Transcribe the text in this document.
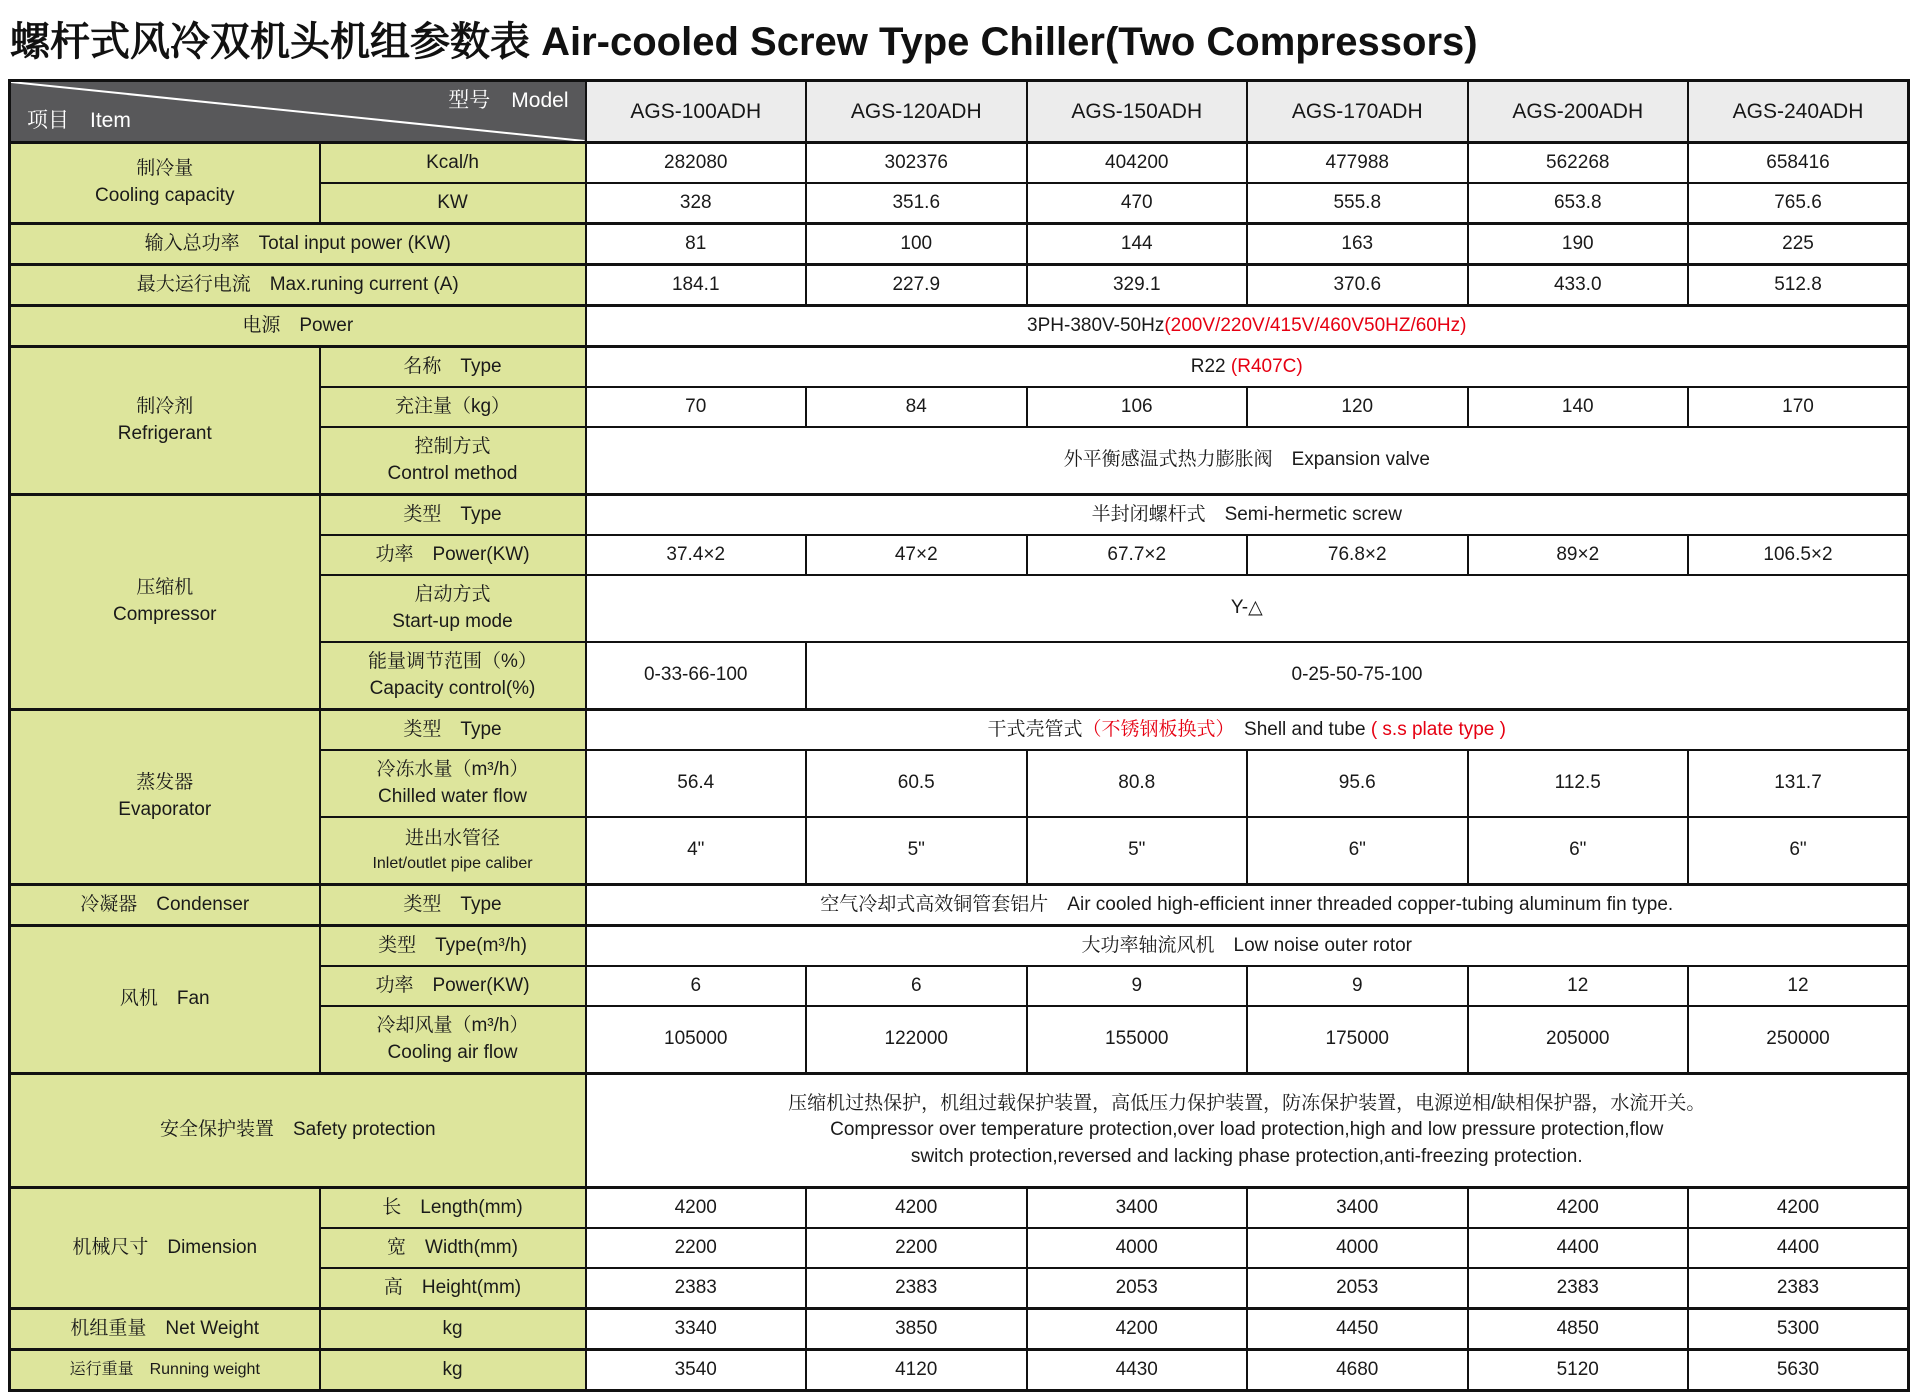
螺杆式风冷双机头机组参数表 Air-cooled Screw Type Chiller(Two Compressors)
型号　Model
项目　Item		AGS-100ADH	AGS-120ADH	AGS-150ADH	AGS-170ADH	AGS-200ADH	AGS-240ADH

制冷量
Cooling capacity	Kcal/h	282080	302376	404200	477988	562268	658416
	KW	328	351.6	470	555.8	653.8	765.6
输入总功率　Total input power (KW)		81	100	144	163	190	225
最大运行电流　Max.runing current (A)		184.1	227.9	329.1	370.6	433.0	512.8
电源　Power		3PH-380V-50Hz(200V/220V/415V/460V50HZ/60Hz)					

制冷剂
Refrigerant	名称　Type	R22 (R407C)					
	充注量（kg）	70	84	106	120	140	170

	控制方式
Control method	外平衡感温式热力膨胀阀　Expansion valve					

压缩机
Compressor	类型　Type	半封闭螺杆式　Semi-hermetic screw					
	功率　Power(KW)	37.4×2	47×2	67.7×2	76.8×2	89×2	106.5×2

	启动方式
Start-up mode	Y-△					

	能量调节范围（%）
Capacity control(%)	0-33-66-100	0-25-50-75-100				

蒸发器
Evaporator	类型　Type	干式壳管式（不锈钢板换式）　Shell and tube ( s.s plate type )					

	冷冻水量（m³/h）
Chilled water flow	56.4	60.5	80.8	95.6	112.5	131.7

	进出水管径
Inlet/outlet pipe caliber	4"	5"	5"	6"	6"	6"
冷凝器　Condenser	类型　Type	空气冷却式高效铜管套铝片　Air cooled high-efficient inner threaded copper-tubing aluminum fin type.					
风机　Fan	类型　Type(m³/h)	大功率轴流风机　Low noise outer rotor					
	功率　Power(KW)	6	6	9	9	12	12

	冷却风量（m³/h）
Cooling air flow	105000	122000	155000	175000	205000	250000
安全保护装置　Safety protection		压缩机过热保护，机组过载保护装置，高低压力保护装置，防冻保护装置，电源逆相/缺相保护器，水流开关。
Compressor over temperature protection,over load protection,high and low pressure protection,flow
switch protection,reversed and lacking phase protection,anti-freezing protection.					

机械尺寸　Dimension	长　Length(mm)	4200	4200	3400	3400	4200	4200
	宽　Width(mm)	2200	2200	4000	4000	4400	4400
	高　Height(mm)	2383	2383	2053	2053	2383	2383
机组重量　Net Weight	kg	3340	3850	4200	4450	4850	5300
运行重量　Running weight	kg	3540	4120	4430	4680	5120	5630
